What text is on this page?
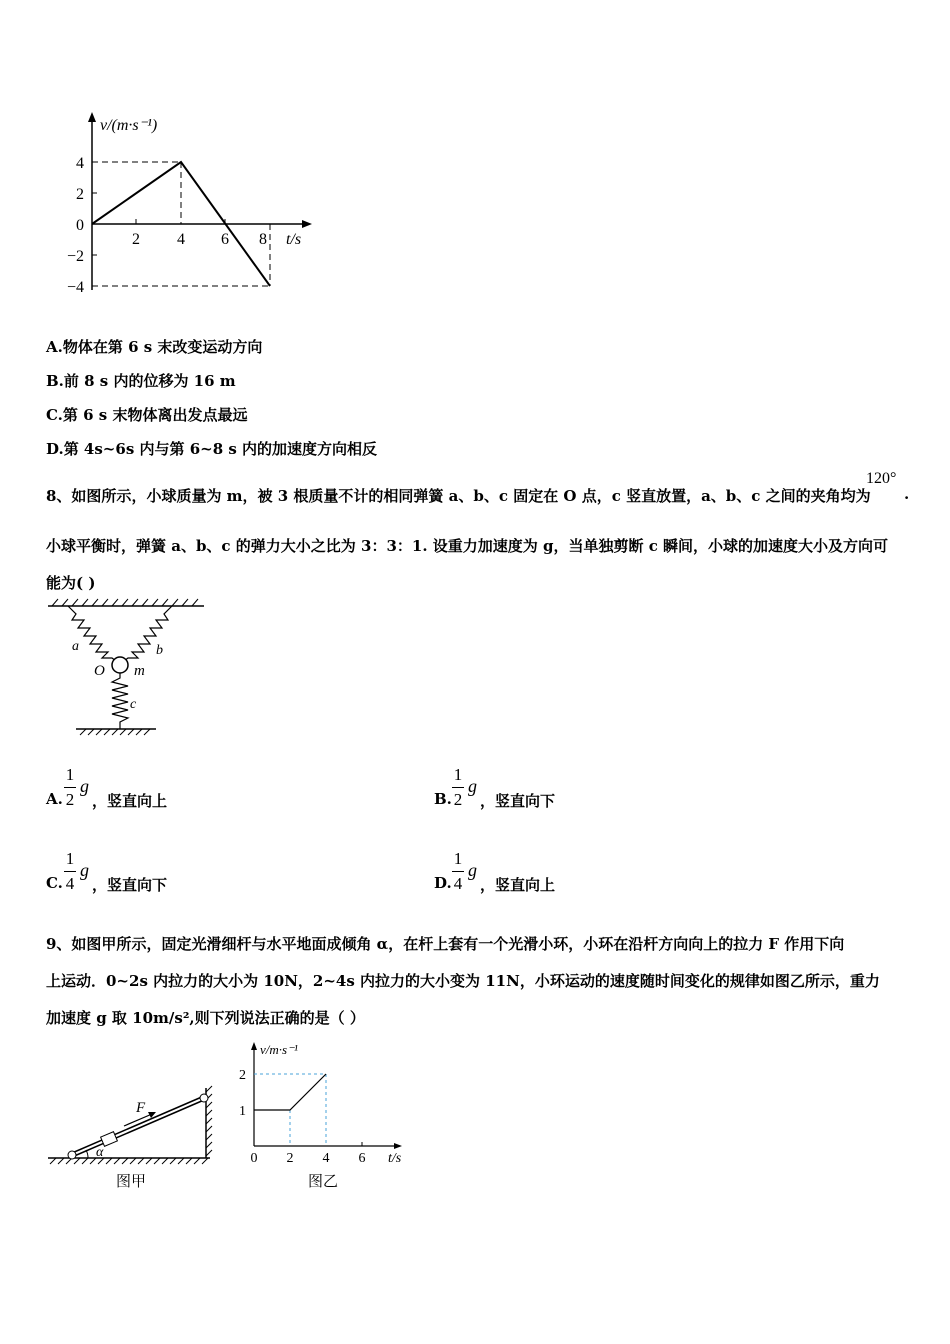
v/(m·s⁻¹)
t/s
4
2
0
−2
−4
2 4 6 8
A.物体在第 6 s 末改变运动方向
B.前 8 s 内的位移为 16 m
C.第 6 s 末物体离出发点最远
D.第 4s~6s 内与第 6~8 s 内的加速度方向相反
8、如图所示，小球质量为 m，被 3 根质量不计的相同弹簧 a、b、c 固定在 O 点，c 竖直放置，a、b、c 之间的夹角均为
120°
.
小球平衡时，弹簧 a、b、c 的弹力大小之比为 3：3：1. 设重力加速度为 g，当单独剪断 c 瞬间，小球的加速度大小及方向可
能为( )
a	b
O m
c
A.
1
2
g
，竖直向上	B.
1
2
g
，竖直向下
C.
1
4
g
，竖直向下	D.
1
4
g
，竖直向上
9、如图甲所示，固定光滑细杆与水平地面成倾角 α，在杆上套有一个光滑小环，小环在沿杆方向向上的拉力 F 作用下向
上运动．0~2s 内拉力的大小为 10N，2~4s 内拉力的大小变为 11N，小环运动的速度随时间变化的规律如图乙所示，重力
加速度 g 取 10m/s²,则下列说法正确的是（ ）
F
α
图甲
v/m·s⁻¹
t/s
2
1
0 2 4 6
图乙
